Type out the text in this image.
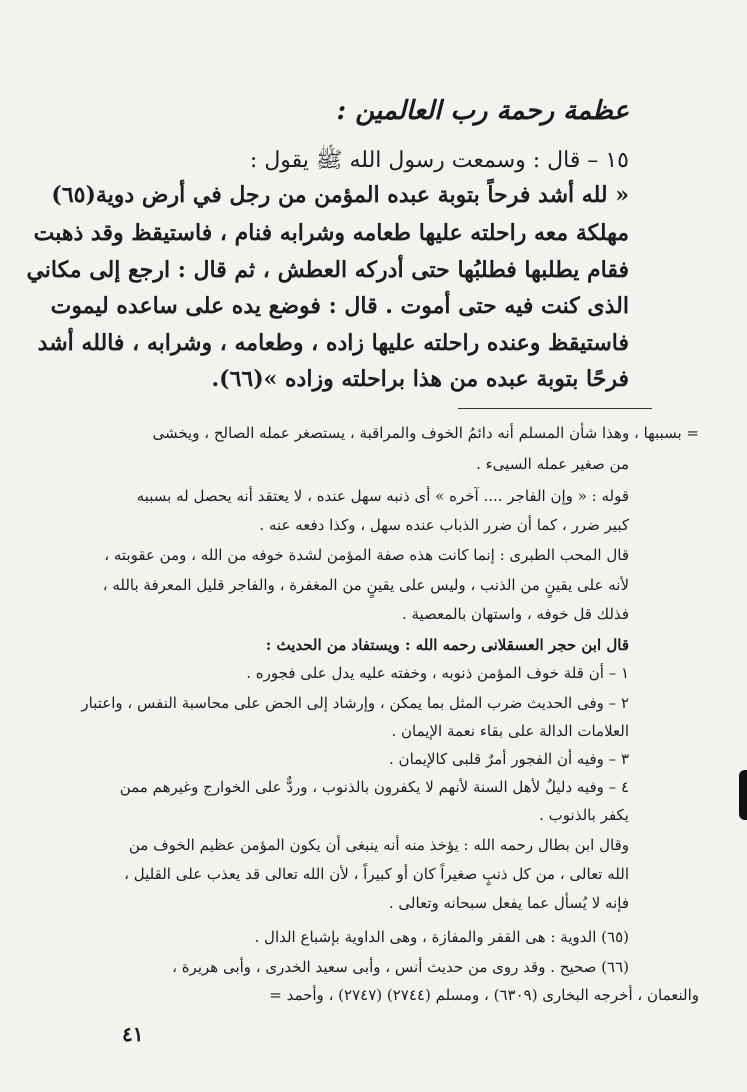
عظمة رحمة رب العالمين :
١٥ – قال : وسمعت رسول الله ﷺ يقول :
« لله أشد فرحاً بتوبة عبده المؤمن من رجل في أرض دوية(٦٥)
مهلكة معه راحلته عليها طعامه وشرابه فنام ، فاستيقظ وقد ذهبت
فقام يطلبها فطلبُها حتى أدركه العطش ، ثم قال : ارجع إلى مكاني
الذى كنت فيه حتى أموت . قال : فوضع يده على ساعده ليموت
فاستيقظ وعنده راحلته عليها زاده ، وطعامه ، وشرابه ، فالله أشد
فرحًا بتوبة عبده من هذا براحلته وزاده »(٦٦).
= بسببها ، وهذا شأن المسلم أنه دائمُ الخوف والمراقبة ، يستصغر عمله الصالح ، ويخشى
من صغير عمله السيىء .
قوله : « وإن الفاجر .... آخره » أى ذنبه سهل عنده ، لا يعتقد أنه يحصل له بسببه
كبير ضرر ، كما أن ضرر الذباب عنده سهل ، وكذا دفعه عنه .
قال المحب الطبرى : إنما كانت هذه صفة المؤمن لشدة خوفه من الله ، ومن عقوبته ،
لأنه على يقينٍ من الذنب ، وليس على يقينٍ من المغفرة ، والفاجر قليل المعرفة بالله ،
فذلك قل خوفه ، واستهان بالمعصية .
قال ابن حجر العسقلانى رحمه الله : ويستفاد من الحديث :
١ – أن قلة خوف المؤمن ذنوبه ، وخفته عليه يدل على فجوره .
٢ – وفى الحديث ضرب المثل بما يمكن ، وإرشاد إلى الحض على محاسبة النفس ، واعتبار
العلامات الدالة على بقاء نعمة الإيمان .
٣ – وفيه أن الفجور أمرٌ قلبى كالإيمان .
٤ – وفيه دليلٌ لأهل السنة لأنهم لا يكفرون بالذنوب ، وردٌّ على الخوارج وغيرهم ممن
يكفر بالذنوب .
وقال ابن بطال رحمه الله : يؤخذ منه أنه ينبغى أن يكون المؤمن عظيم الخوف من
الله تعالى ، من كل ذنبٍ صغيراً كان أو كبيراً ، لأن الله تعالى قد يعذب على القليل ،
فإنه لا يُسأل عما يفعل سبحانه وتعالى .
(٦٥) الدوية : هى القفر والمفازة ، وهى الداوية بإشباع الدال .
(٦٦) صحيح . وقد روى من حديث أنس ، وأبى سعيد الخدرى ، وأبى هريرة ،
والنعمان ، أخرجه البخارى (٦٣٠٩) ، ومسلم (٢٧٤٤) (٢٧٤٧) ، وأحمد =
٤١
